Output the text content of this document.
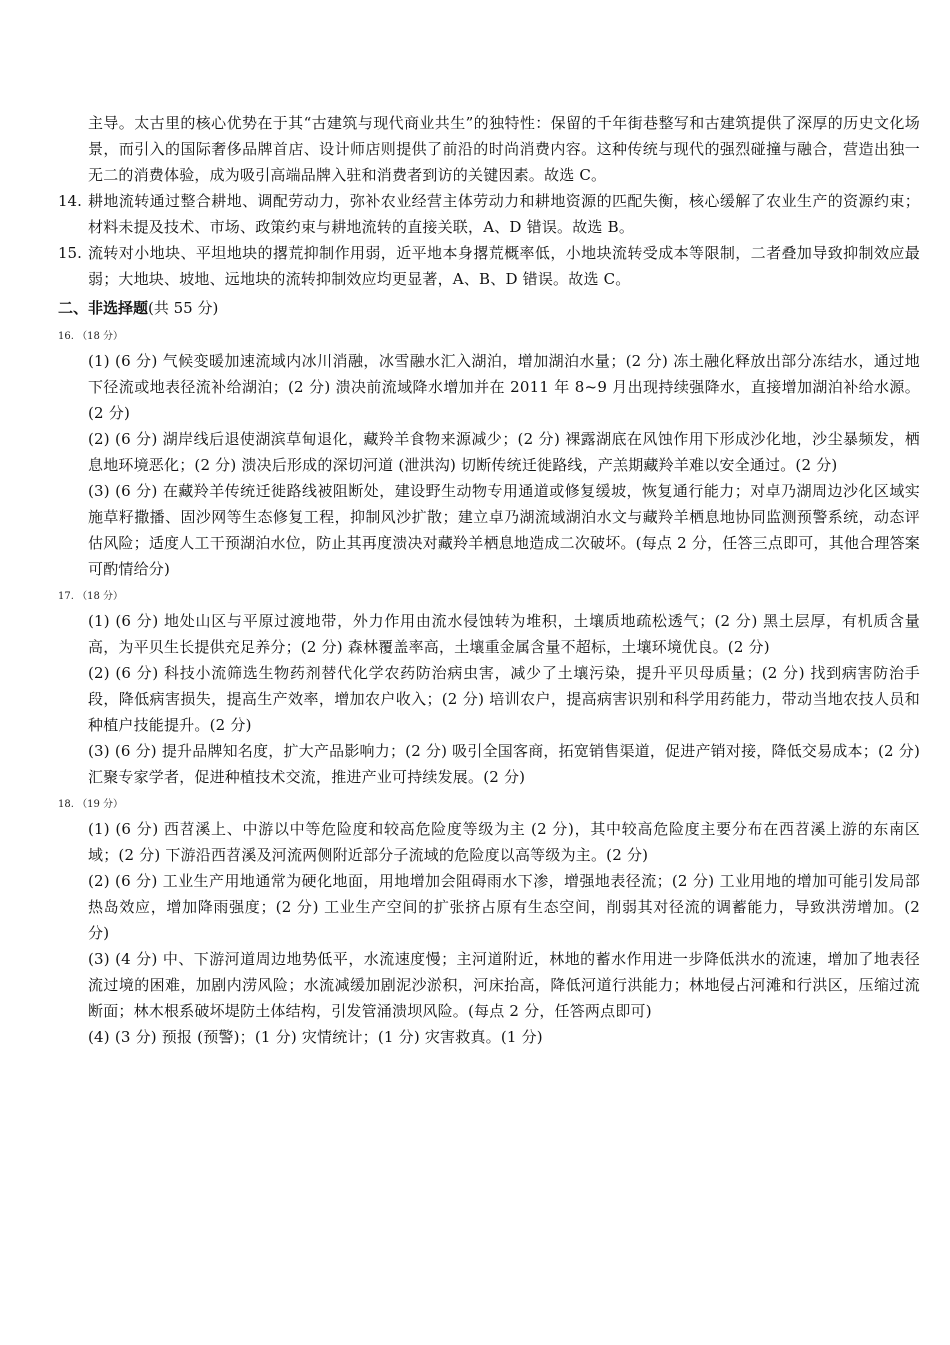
主导。太古里的核心优势在于其“古建筑与现代商业共生”的独特性：保留的千年街巷整写和古建筑提供了深厚的历史文化场景，而引入的国际奢侈品牌首店、设计师店则提供了前沿的时尚消费内容。这种传统与现代的强烈碰撞与融合，营造出独一无二的消费体验，成为吸引高端品牌入驻和消费者到访的关键因素。故选 C。

14. 耕地流转通过整合耕地、调配劳动力，弥补农业经营主体劳动力和耕地资源的匹配失衡，核心缓解了农业生产的资源约束；材料未提及技术、市场、政策约束与耕地流转的直接关联，A、D 错误。故选 B。

15. 流转对小地块、平坦地块的撂荒抑制作用弱，近平地本身撂荒概率低，小地块流转受成本等限制，二者叠加导致抑制效应最弱；大地块、坡地、远地块的流转抑制效应均更显著，A、B、D 错误。故选 C。

二、非选择题(共 55 分)
16. （18 分）

(1) (6 分) 气候变暖加速流域内冰川消融，冰雪融水汇入湖泊，增加湖泊水量；(2 分) 冻土融化释放出部分冻结水，通过地下径流或地表径流补给湖泊；(2 分) 溃决前流域降水增加并在 2011 年 8~9 月出现持续强降水，直接增加湖泊补给水源。(2 分)

(2) (6 分) 湖岸线后退使湖滨草甸退化，藏羚羊食物来源减少；(2 分) 裸露湖底在风蚀作用下形成沙化地，沙尘暴频发，栖息地环境恶化；(2 分) 溃决后形成的深切河道 (泄洪沟) 切断传统迁徙路线，产羔期藏羚羊难以安全通过。(2 分)

(3) (6 分) 在藏羚羊传统迁徙路线被阻断处，建设野生动物专用通道或修复缓坡，恢复通行能力；对卓乃湖周边沙化区域实施草籽撒播、固沙网等生态修复工程，抑制风沙扩散；建立卓乃湖流域湖泊水文与藏羚羊栖息地协同监测预警系统，动态评估风险；适度人工干预湖泊水位，防止其再度溃决对藏羚羊栖息地造成二次破坏。(每点 2 分，任答三点即可，其他合理答案可酌情给分)

17. （18 分）

(1) (6 分) 地处山区与平原过渡地带，外力作用由流水侵蚀转为堆积，土壤质地疏松透气；(2 分) 黑土层厚，有机质含量高，为平贝生长提供充足养分；(2 分) 森林覆盖率高，土壤重金属含量不超标，土壤环境优良。(2 分)

(2) (6 分) 科技小流筛选生物药剂替代化学农药防治病虫害，减少了土壤污染，提升平贝母质量；(2 分) 找到病害防治手段，降低病害损失，提高生产效率，增加农户收入；(2 分) 培训农户，提高病害识别和科学用药能力，带动当地农技人员和种植户技能提升。(2 分)

(3) (6 分) 提升品牌知名度，扩大产品影响力；(2 分) 吸引全国客商，拓宽销售渠道，促进产销对接，降低交易成本；(2 分) 汇聚专家学者，促进种植技术交流，推进产业可持续发展。(2 分)

18. （19 分）

(1) (6 分) 西苕溪上、中游以中等危险度和较高危险度等级为主 (2 分)，其中较高危险度主要分布在西苕溪上游的东南区域；(2 分) 下游沿西苕溪及河流两侧附近部分子流域的危险度以高等级为主。(2 分)

(2) (6 分) 工业生产用地通常为硬化地面，用地增加会阻碍雨水下渗，增强地表径流；(2 分) 工业用地的增加可能引发局部热岛效应，增加降雨强度；(2 分) 工业生产空间的扩张挤占原有生态空间，削弱其对径流的调蓄能力，导致洪涝增加。(2 分)

(3) (4 分) 中、下游河道周边地势低平，水流速度慢；主河道附近，林地的蓄水作用进一步降低洪水的流速，增加了地表径流过境的困难，加剧内涝风险；水流减缓加剧泥沙淤积，河床抬高，降低河道行洪能力；林地侵占河滩和行洪区，压缩过流断面；林木根系破坏堤防土体结构，引发管涌溃坝风险。(每点 2 分，任答两点即可)

(4) (3 分) 预报 (预警)；(1 分) 灾情统计；(1 分) 灾害救真。(1 分)
